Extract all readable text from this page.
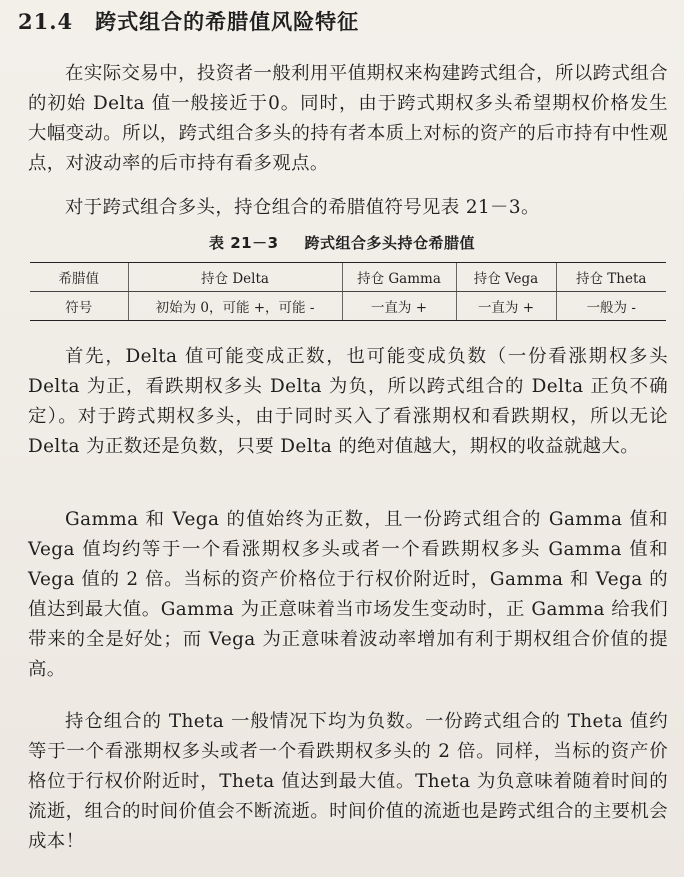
21.4 跨式组合的希腊值风险特征
在实际交易中，投资者一般利用平值期权来构建跨式组合，所以跨式组合的初始 Delta 值一般接近于0。同时，由于跨式期权多头希望期权价格发生大幅变动。所以，跨式组合多头的持有者本质上对标的资产的后市持有中性观点，对波动率的后市持有看多观点。
对于跨式组合多头，持仓组合的希腊值符号见表 21－3。
表 21－3 跨式组合多头持仓希腊值
希腊值	持仓 Delta	持仓 Gamma	持仓 Vega	持仓 Theta
符号	初始为 0，可能 +，可能 -	一直为 +	一直为 +	一般为 -
首先，Delta 值可能变成正数，也可能变成负数（一份看涨期权多头 Delta 为正，看跌期权多头 Delta 为负，所以跨式组合的 Delta 正负不确定）。对于跨式期权多头，由于同时买入了看涨期权和看跌期权，所以无论 Delta 为正数还是负数，只要 Delta 的绝对值越大，期权的收益就越大。
Gamma 和 Vega 的值始终为正数，且一份跨式组合的 Gamma 值和 Vega 值均约等于一个看涨期权多头或者一个看跌期权多头 Gamma 值和 Vega 值的 2 倍。当标的资产价格位于行权价附近时，Gamma 和 Vega 的值达到最大值。Gamma 为正意味着当市场发生变动时，正 Gamma 给我们带来的全是好处；而 Vega 为正意味着波动率增加有利于期权组合价值的提高。
持仓组合的 Theta 一般情况下均为负数。一份跨式组合的 Theta 值约等于一个看涨期权多头或者一个看跌期权多头的 2 倍。同样，当标的资产价格位于行权价附近时，Theta 值达到最大值。Theta 为负意味着随着时间的流逝，组合的时间价值会不断流逝。时间价值的流逝也是跨式组合的主要机会成本！
